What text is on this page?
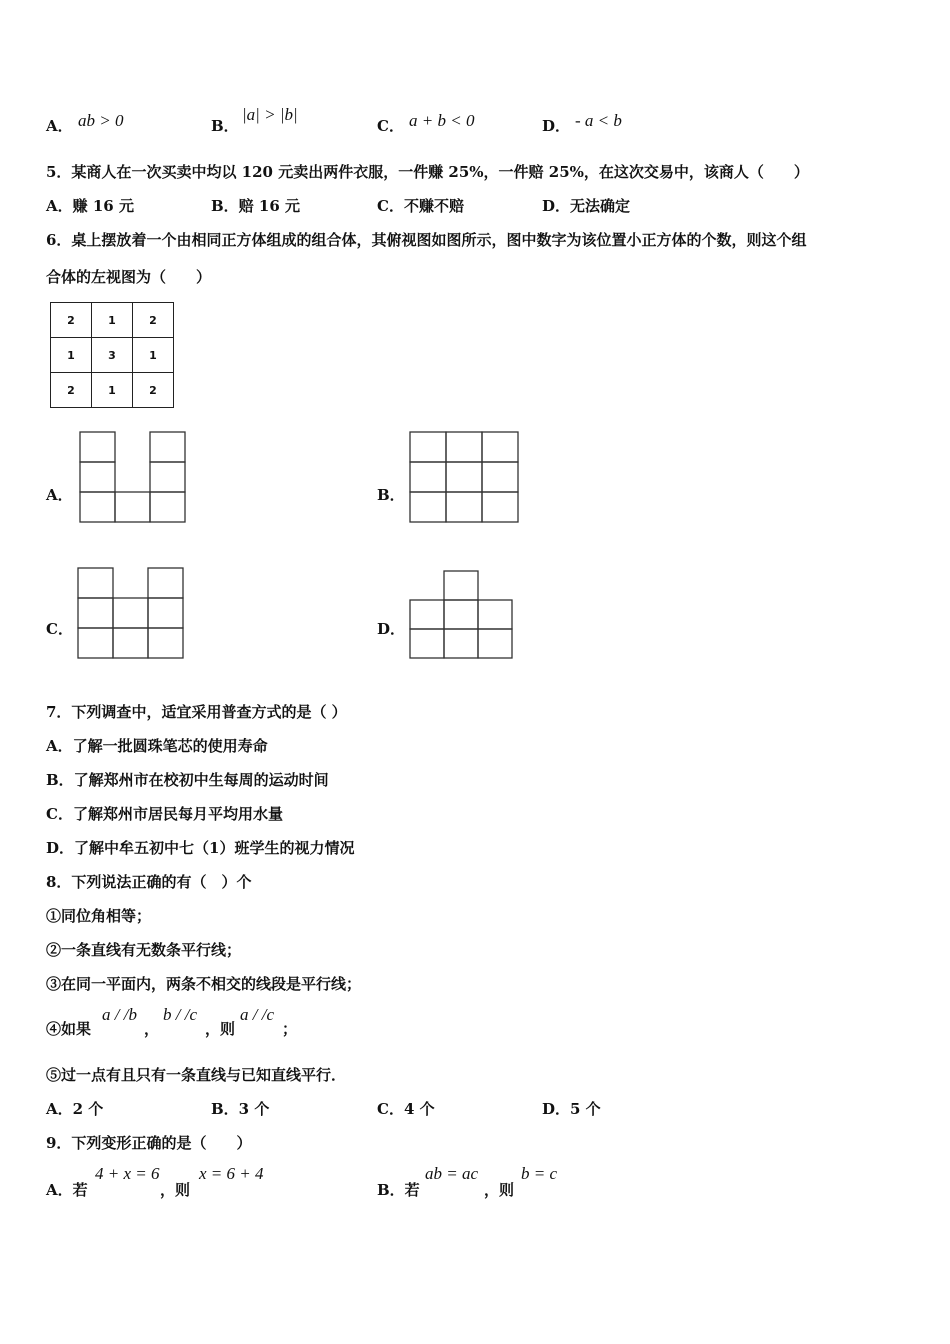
A． ab > 0	B．
|a| > |b|
C． a + b < 0	D． - a < b
5．某商人在一次买卖中均以 120 元卖出两件衣服，一件赚 25%，一件赔 25%，在这次交易中，该商人（　　）
A．赚 16 元	B．赔 16 元	C．不赚不赔	D．无法确定
6．桌上摆放着一个由相同正方体组成的组合体，其俯视图如图所示，图中数字为该位置小正方体的个数，则这个组
合体的左视图为（　　）
2	1	2
1	3	1
2	1	2
A．	B．
C．	D．
7．下列调查中，适宜采用普查方式的是（ ）
A．了解一批圆珠笔芯的使用寿命
B．了解郑州市在校初中生每周的运动时间
C．了解郑州市居民每月平均用水量
D．了解中牟五初中七（1）班学生的视力情况
8．下列说法正确的有（　）个
①同位角相等；
②一条直线有无数条平行线；
③在同一平面内，两条不相交的线段是平行线；
④如果
a / /b
，
b / /c
，则
a / /c
；
⑤过一点有且只有一条直线与已知直线平行．
A．2 个	B．3 个	C．4 个	D．5 个
9．下列变形正确的是（　　）
A．若
4 + x = 6
，则
x = 6 + 4
B．若
ab = ac
，则
b = c
